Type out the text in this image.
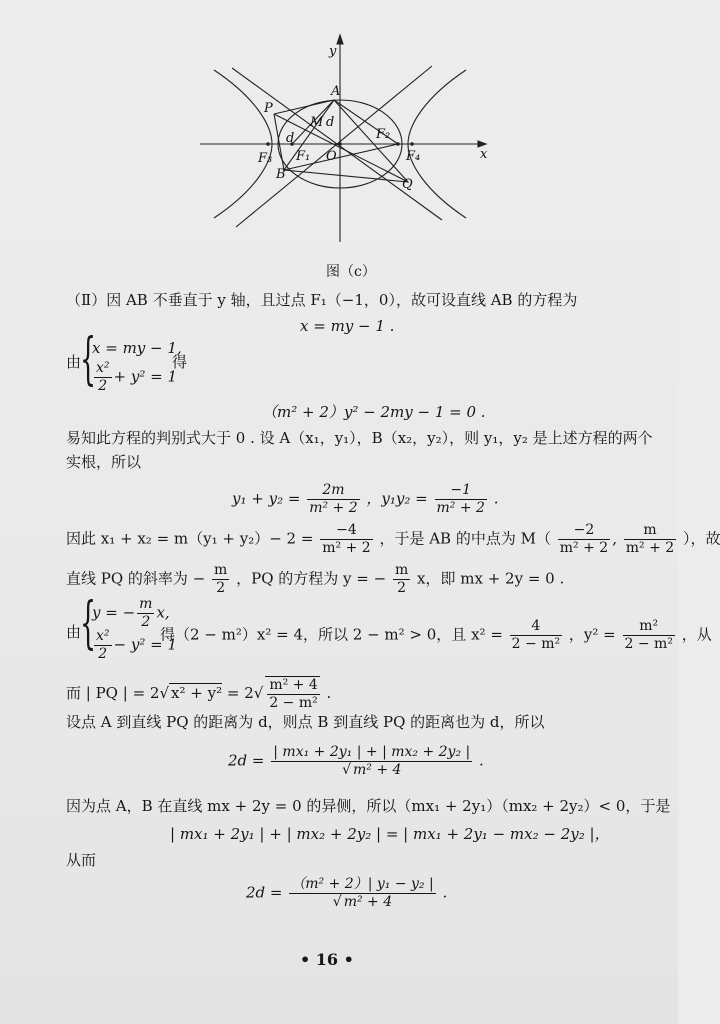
y
x
P
A
M d
d	F₂
F₃ F₁ O	F₄
B
Q
图（c）
（Ⅱ）因 AB 不垂直于 y 轴，且过点 F₁（−1，0），故可设直线 AB 的方程为
x = my − 1 .
由
{
x = my − 1,
$\frac{\text{x²}}{2} + y^2 = 1$
得
（m² + 2）y² − 2my − 1 = 0 .
易知此方程的判别式大于 0 . 设 A（x₁，y₁），B（x₂，y₂），则 y₁，y₂ 是上述方程的两个
实根，所以
$y_1 + y_2 = \frac{2m}{\text{m² + 2}}$ ，$y_1y_2 = \frac{-1}{\text{m² + 2}}$ .
因此 $x_1 + x_2 = m(y_1 + y_2)- 2 = \frac{-4}{\text{m² + 2}}$ ，于是 AB 的中点为 $M( \frac{-2}{\text{m² + 2}}$ , $\frac{m}{\text{m² + 2}}$ ），故
直线 PQ 的斜率为 − $\frac{m}{2}$ ，PQ 的方程为 y = − $\frac{m}{2}$ x，即 mx + 2y = 0 .
由
{
y = − $\frac{m}{2} x$,
$\frac{\text{x²}}{2} - y^2 = 1$
得（2 − m²）x² = 4，所以 2 − m² > 0，且 $x^2 = \frac{4}{\text{2 − m²}}$ ，$y^2 = \frac{\text{m²}}{\text{2 − m²}}$ ，从
而 | PQ | = 2√ $x^2 + y^2 = 2√ \frac{\text{m² + 4}}{\text{2 − m²}}$ .
设点 A 到直线 PQ 的距离为 d，则点 B 到直线 PQ 的距离也为 d，所以
$2d = \frac{\text{| mx₁ + 2y₁ | + | mx₂ + 2y₂ |}}{\text{√ m² + 4}}$ .
因为点 A，B 在直线 mx + 2y = 0 的异侧，所以（mx₁ + 2y₁）（mx₂ + 2y₂）< 0，于是
| mx₁ + 2y₁ | + | mx₂ + 2y₂ | = | mx₁ + 2y₁ − mx₂ − 2y₂ |，
从而
$2d = \frac{\text{（m² + 2）| y₁ − y₂ |}}{\text{√ m² + 4}}$ .
• 16 •
